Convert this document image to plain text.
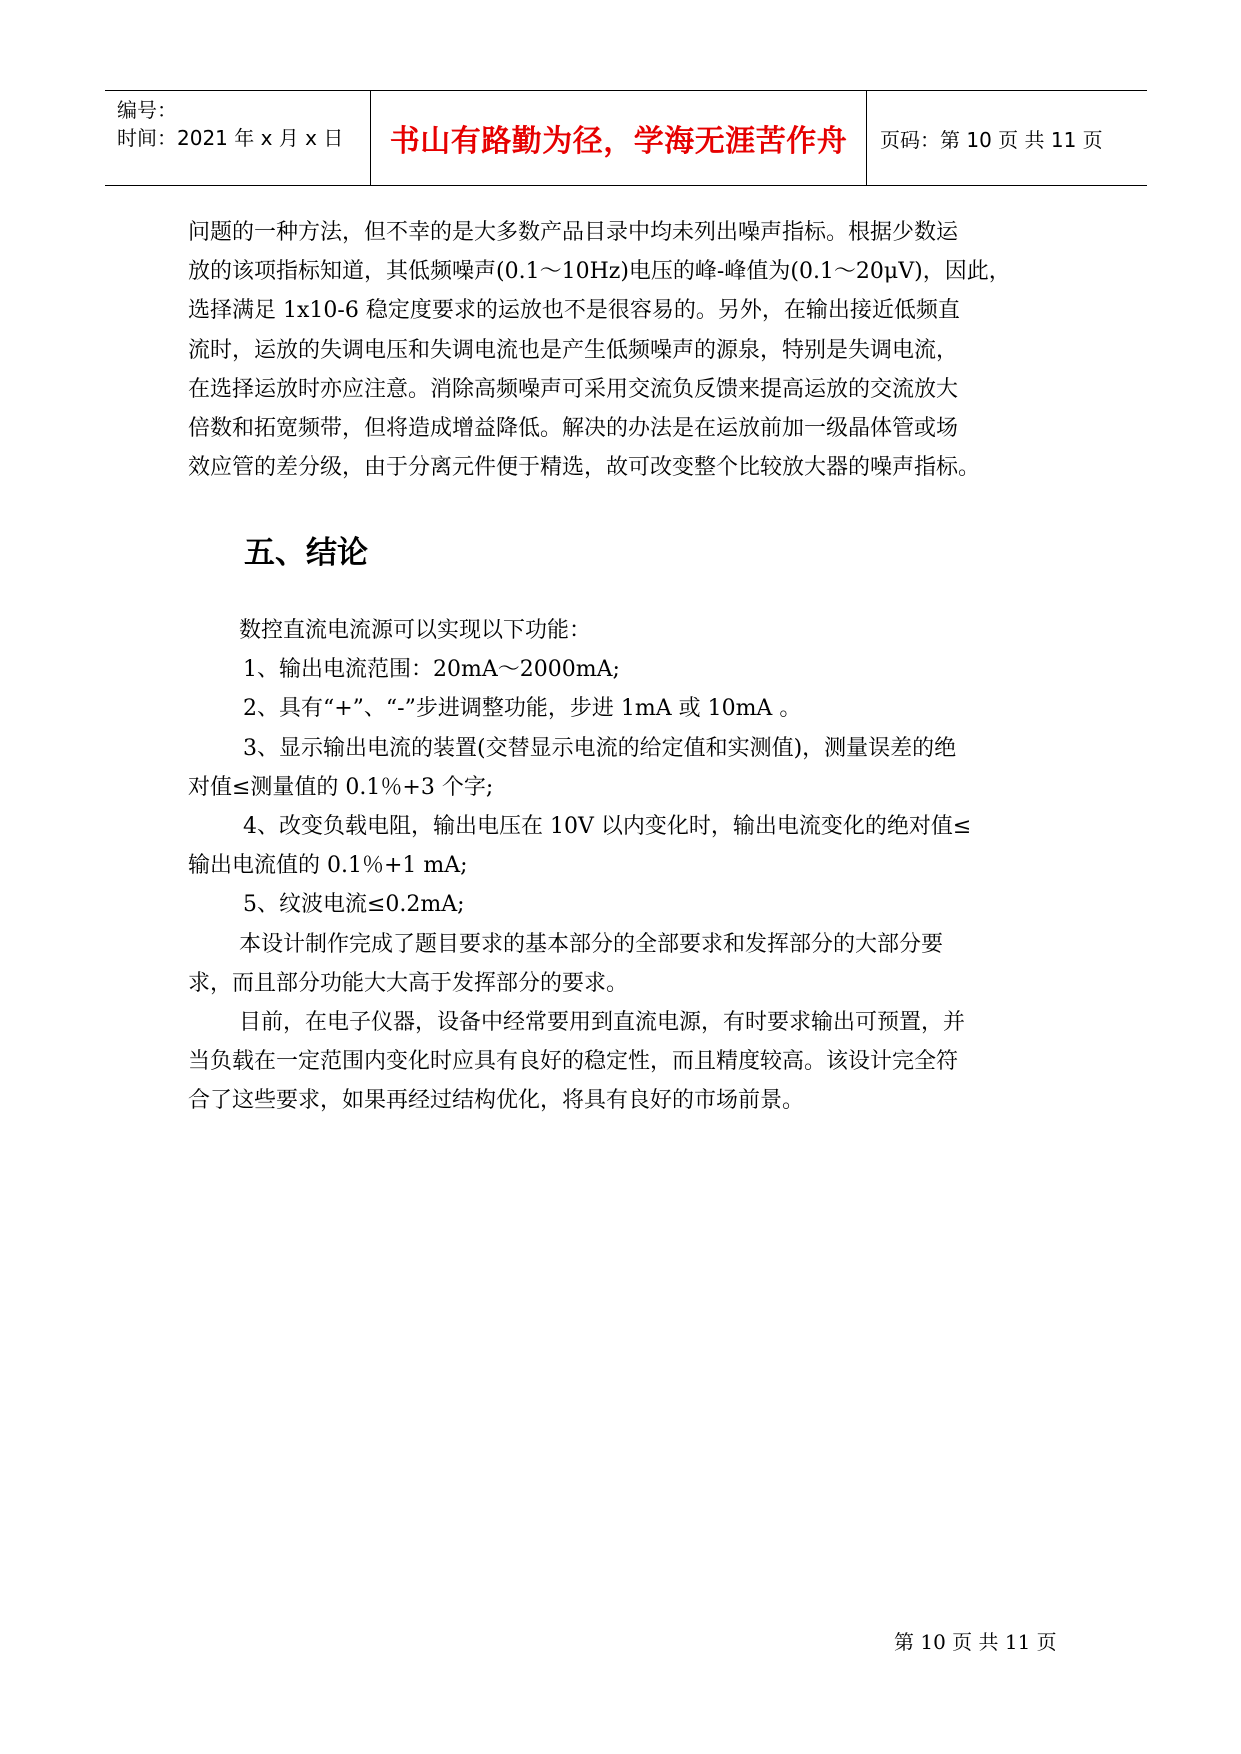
编号：
时间：2021 年 x 月 x 日 书山有路勤为径，学海无涯苦作舟 页码：第 10 页 共 11 页
问题的一种方法，但不幸的是大多数产品目录中均未列出噪声指标。根据少数运
放的该项指标知道，其低频噪声(0.1～10Hz)电压的峰-峰值为(0.1～20μV)，因此，
选择满足 1x10-6 稳定度要求的运放也不是很容易的。另外，在输出接近低频直
流时，运放的失调电压和失调电流也是产生低频噪声的源泉，特别是失调电流，
在选择运放时亦应注意。消除高频噪声可采用交流负反馈来提高运放的交流放大
倍数和拓宽频带，但将造成增益降低。解决的办法是在运放前加一级晶体管或场
效应管的差分级，由于分离元件便于精选，故可改变整个比较放大器的噪声指标。
五、结论
数控直流电流源可以实现以下功能：
1、输出电流范围：20mA～2000mA;
2、具有“+”、“-”步进调整功能，步进 1mA 或 10mA 。
3、显示输出电流的装置(交替显示电流的给定值和实测值)，测量误差的绝
对值≤测量值的 0.1％+3 个字;
4、改变负载电阻，输出电压在 10V 以内变化时，输出电流变化的绝对值≤
输出电流值的 0.1％+1 mA;
5、纹波电流≤0.2mA;
本设计制作完成了题目要求的基本部分的全部要求和发挥部分的大部分要
求，而且部分功能大大高于发挥部分的要求。
目前，在电子仪器，设备中经常要用到直流电源，有时要求输出可预置，并
当负载在一定范围内变化时应具有良好的稳定性，而且精度较高。该设计完全符
合了这些要求，如果再经过结构优化，将具有良好的市场前景。
第 10 页 共 11 页
